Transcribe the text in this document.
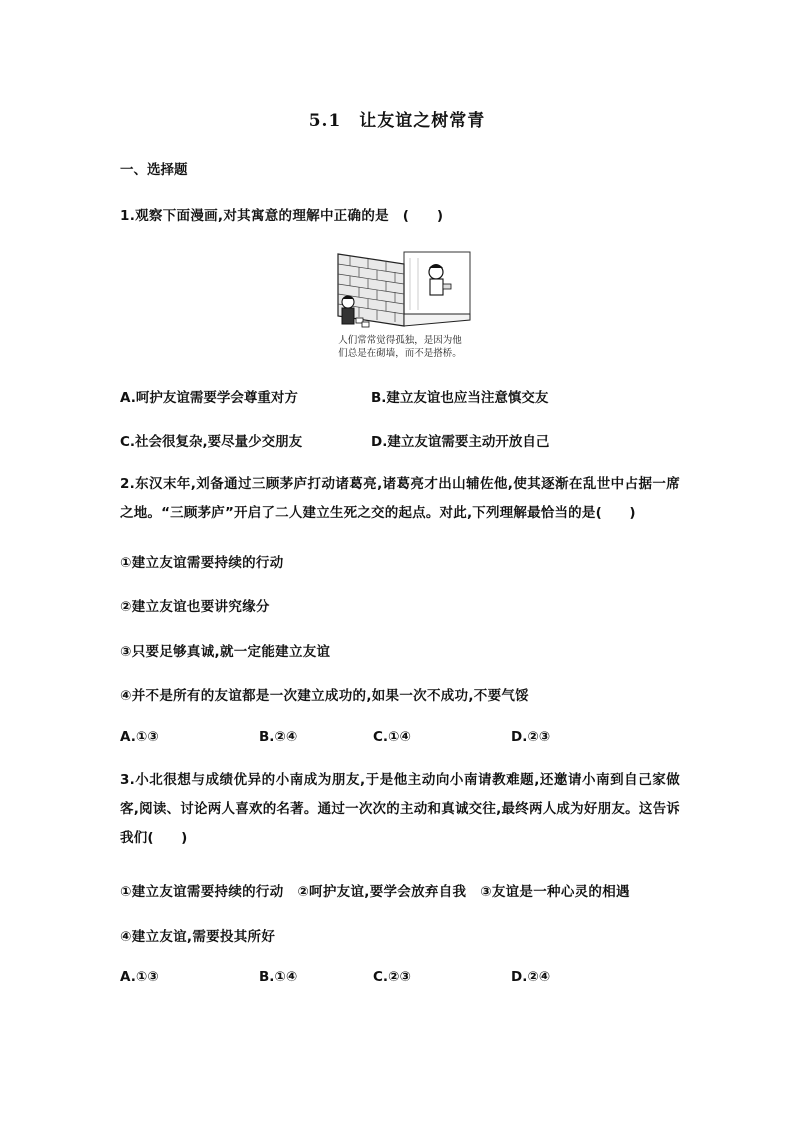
5.1 让友谊之树常青
一、选择题
1.观察下面漫画,对其寓意的理解中正确的是　(　　)
人们常常觉得孤独，是因为他
们总是在砌墙，而不是搭桥。
A.呵护友谊需要学会尊重对方	B.建立友谊也应当注意慎交友
C.社会很复杂,要尽量少交朋友	D.建立友谊需要主动开放自己
2.东汉末年,刘备通过三顾茅庐打动诸葛亮,诸葛亮才出山辅佐他,使其逐渐在乱世中占据一席之地。“三顾茅庐”开启了二人建立生死之交的起点。对此,下列理解最恰当的是(　　)
①建立友谊需要持续的行动
②建立友谊也要讲究缘分
③只要足够真诚,就一定能建立友谊
④并不是所有的友谊都是一次建立成功的,如果一次不成功,不要气馁
A.①③	B.②④	C.①④	D.②③
3.小北很想与成绩优异的小南成为朋友,于是他主动向小南请教难题,还邀请小南到自己家做客,阅读、讨论两人喜欢的名著。通过一次次的主动和真诚交往,最终两人成为好朋友。这告诉我们(　　)
①建立友谊需要持续的行动　②呵护友谊,要学会放弃自我　③友谊是一种心灵的相遇
④建立友谊,需要投其所好
A.①③	B.①④	C.②③	D.②④
